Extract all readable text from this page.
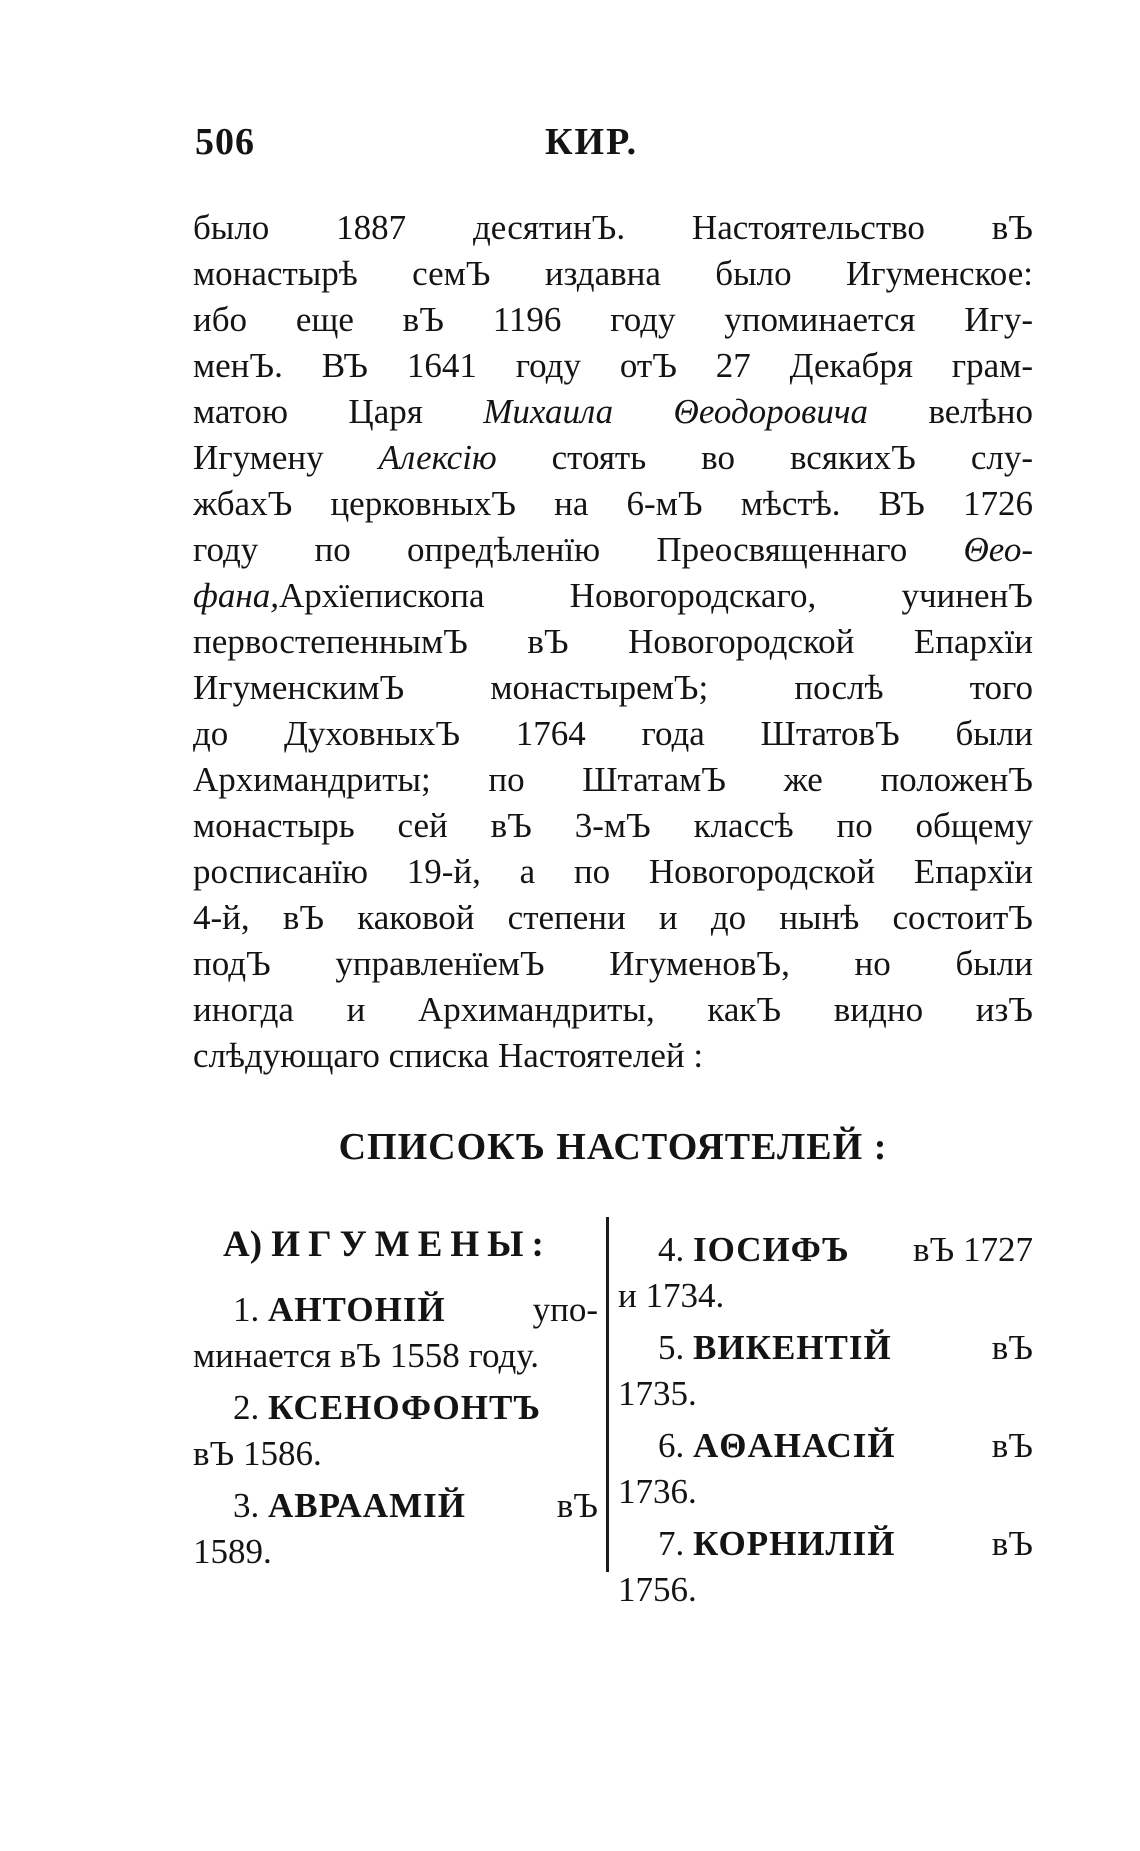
506	КИР.
было 1887 десятинЪ. Настоятельство вЪ
монастырѣ семЪ издавна было Игуменское:
ибо еще вЪ 1196 году упоминается Игу-
менЪ. ВЪ 1641 году отЪ 27 Декабря грам-
матою Царя Михаила Θеодоровича велѣно
Игумену Алексію стоять во всякихЪ слу-
жбахЪ церковныхЪ на 6-мЪ мѣстѣ. ВЪ 1726
году по опредѣленїю Преосвященнаго Θео-
фана,Архїепископа Новогородскаго, учиненЪ
первостепеннымЪ вЪ Новогородской Епархїи
ИгуменскимЪ монастыремЪ; послѣ того
до ДуховныхЪ 1764 года ШтатовЪ были
Архимандриты; по ШтатамЪ же положенЪ
монастырь сей вЪ 3-мЪ классѣ по общему
росписанїю 19-й, а по Новогородской Епархїи
4-й, вЪ каковой степени и до нынѣ состоитЪ
подЪ управленїемЪ ИгуменовЪ, но были
иногда и Архимандриты, какЪ видно изЪ
слѣдующаго списка Настоятелей :
СПИСОКЪ НАСТОЯТЕЛЕЙ :
А) ИГУМЕНЫ:
1. АНТОНІЙ упо-
минается вЪ 1558 году.
2. КСЕНОФОНТЪ
вЪ 1586.
3. АВРААМІЙ	вЪ
1589.
4. ІОСИФЪ вЪ 1727
и 1734.
5. ВИКЕНТІЙ	вЪ
1735.
6. АΘАНАСІЙ	вЪ
1736.
7. КОРНИЛІЙ	вЪ
1756.
